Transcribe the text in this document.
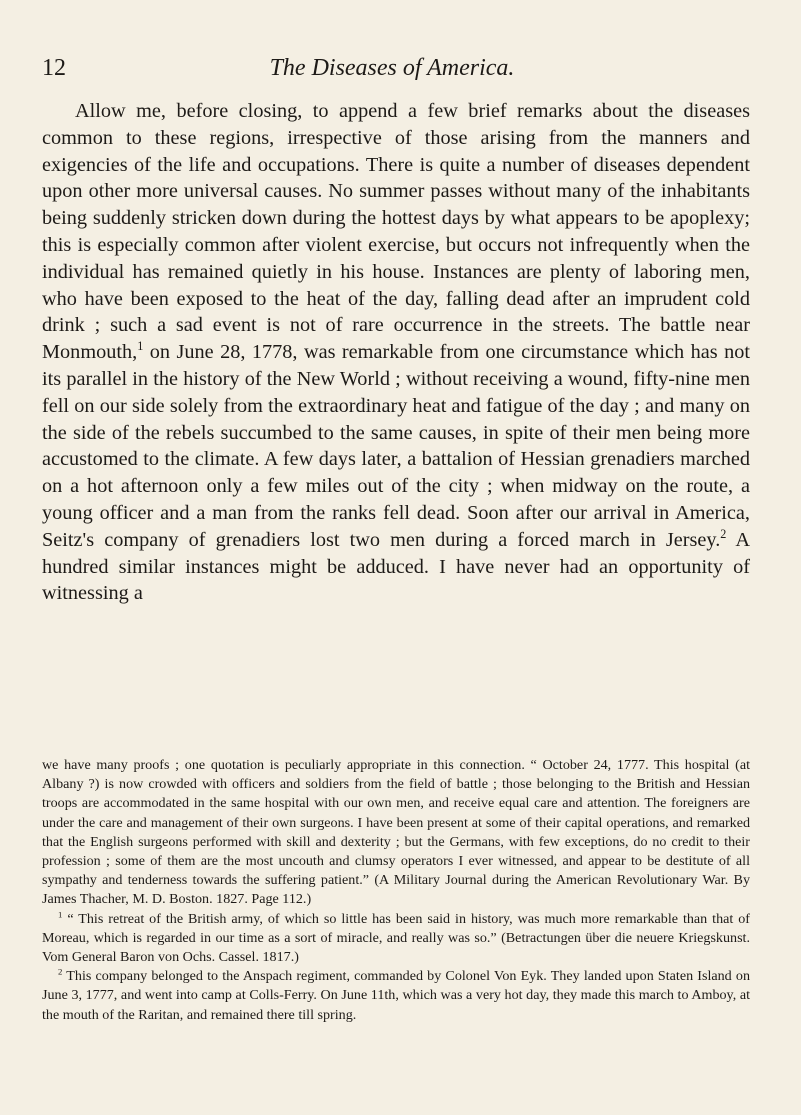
12	The Diseases of America.

Allow me, before closing, to append a few brief remarks about the diseases common to these regions, irrespective of those arising from the manners and exigencies of the life and occupations. There is quite a number of diseases dependent upon other more universal causes. No summer passes without many of the inhabitants being suddenly stricken down during the hottest days by what appears to be apoplexy; this is especially common after violent exercise, but occurs not infrequently when the individual has remained quietly in his house. Instances are plenty of laboring men, who have been exposed to the heat of the day, falling dead after an imprudent cold drink ; such a sad event is not of rare occurrence in the streets. The battle near Monmouth,$^1$ on June 28, 1778, was remarkable from one circumstance which has not its parallel in the history of the New World ; without receiving a wound, fifty-nine men fell on our side solely from the extraordinary heat and fatigue of the day ; and many on the side of the rebels succumbed to the same causes, in spite of their men being more accustomed to the climate. A few days later, a battalion of Hessian grenadiers marched on a hot afternoon only a few miles out of the city ; when midway on the route, a young officer and a man from the ranks fell dead. Soon after our arrival in America, Seitz's company of grenadiers lost two men during a forced march in Jersey.$^2$ A hundred similar instances might be adduced. I have never had an opportunity of witnessing a

we have many proofs ; one quotation is peculiarly appropriate in this connection. “ October 24, 1777. This hospital (at Albany ?) is now crowded with officers and soldiers from the field of battle ; those belonging to the British and Hessian troops are accommodated in the same hospital with our own men, and receive equal care and attention. The foreigners are under the care and management of their own surgeons. I have been present at some of their capital operations, and remarked that the English surgeons performed with skill and dexterity ; but the Germans, with few exceptions, do no credit to their profession ; some of them are the most uncouth and clumsy operators I ever witnessed, and appear to be destitute of all sympathy and tenderness towards the suffering patient.” (A Military Journal during the American Revolutionary War. By James Thacher, M. D. Boston. 1827. Page 112.)

$^1$ “ This retreat of the British army, of which so little has been said in history, was much more remarkable than that of Moreau, which is regarded in our time as a sort of miracle, and really was so.” (Betractungen über die neuere Kriegskunst. Vom General Baron von Ochs. Cassel. 1817.)

$^2$ This company belonged to the Anspach regiment, commanded by Colonel Von Eyk. They landed upon Staten Island on June 3, 1777, and went into camp at Colls-Ferry. On June 11th, which was a very hot day, they made this march to Amboy, at the mouth of the Raritan, and remained there till spring.
